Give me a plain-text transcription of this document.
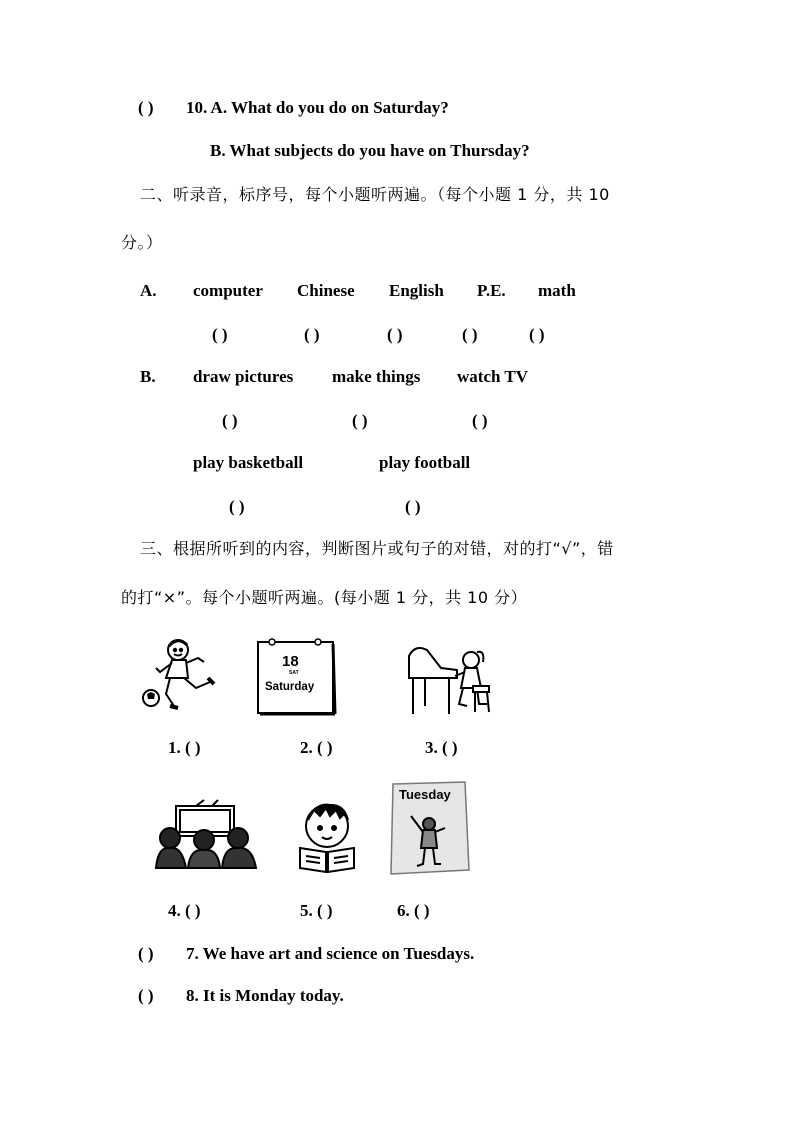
( ) 10. A. What do you do on Saturday?
B. What subjects do you have on Thursday?
二、听录音，标序号，每个小题听两遍。（每个小题 1 分，共 10
分。）
A. computer Chinese English P.E. math
( )	( )	( )	( )	( )
B. draw pictures make things watch TV
( )	( )	( )
play basketball	play football
( )	( )
三、根据所听到的内容，判断图片或句子的对错，对的打“√”，错
的打“×”。每个小题听两遍。(每小题 1 分，共 10 分）
18
SAT
Saturday
1. ( )	2. ( )	3. ( )
Tuesday
4. ( )	5. ( )	6. ( )
( ) 7. We have art and science on Tuesdays.
( ) 8. It is Monday today.
